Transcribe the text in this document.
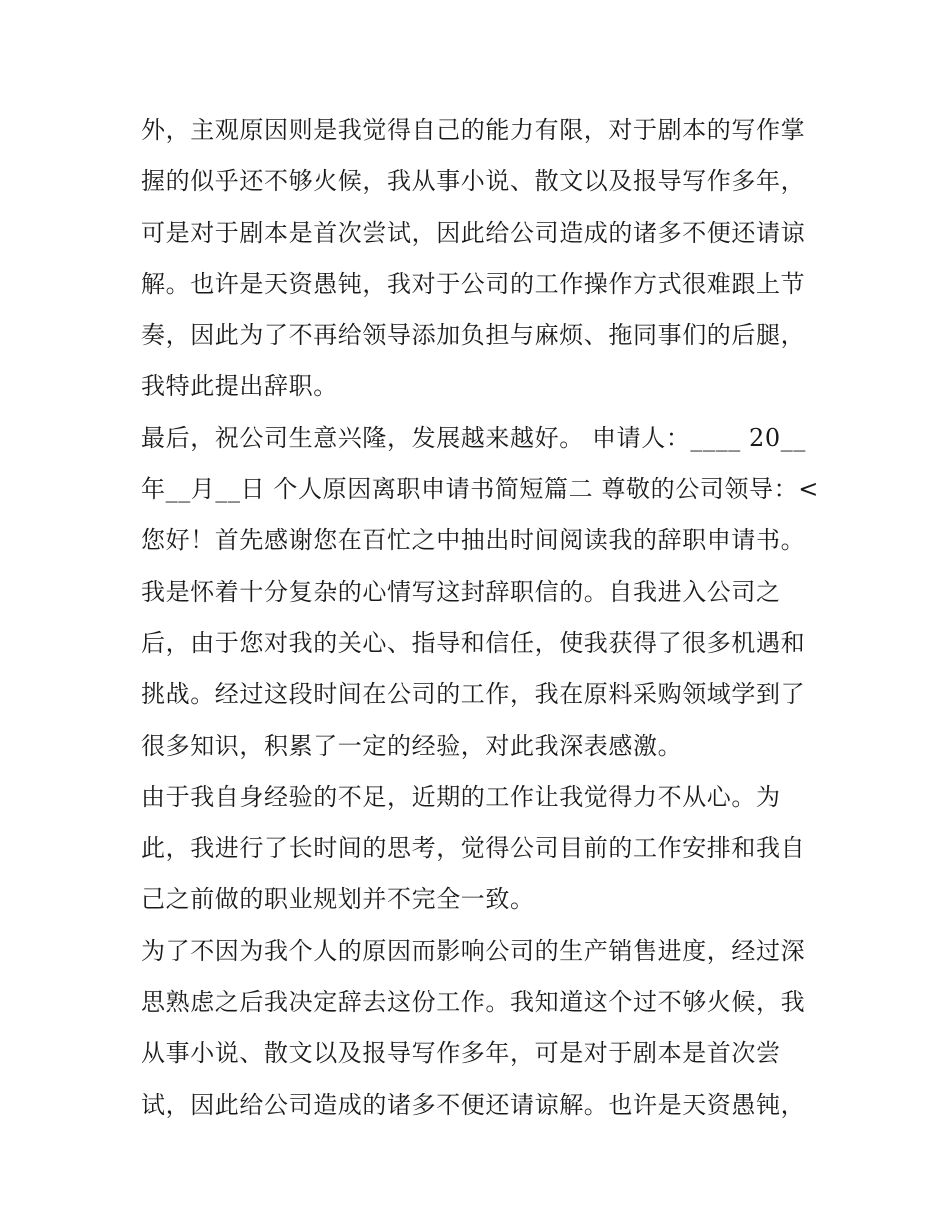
外，主观原因则是我觉得自己的能力有限，对于剧本的写作掌
握的似乎还不够火候，我从事小说、散文以及报导写作多年，
可是对于剧本是首次尝试，因此给公司造成的诸多不便还请谅
解。也许是天资愚钝，我对于公司的工作操作方式很难跟上节
奏，因此为了不再给领导添加负担与麻烦、拖同事们的后腿，
我特此提出辞职。
最后，祝公司生意兴隆，发展越来越好。 申请人：____ 20__
年__月__日 个人原因离职申请书简短篇二 尊敬的公司领导：<
您好！首先感谢您在百忙之中抽出时间阅读我的辞职申请书。
我是怀着十分复杂的心情写这封辞职信的。自我进入公司之
后，由于您对我的关心、指导和信任，使我获得了很多机遇和
挑战。经过这段时间在公司的工作，我在原料采购领域学到了
很多知识，积累了一定的经验，对此我深表感激。
由于我自身经验的不足，近期的工作让我觉得力不从心。为
此，我进行了长时间的思考，觉得公司目前的工作安排和我自
己之前做的职业规划并不完全一致。
为了不因为我个人的原因而影响公司的生产销售进度，经过深
思熟虑之后我决定辞去这份工作。我知道这个过不够火候，我
从事小说、散文以及报导写作多年，可是对于剧本是首次尝
试，因此给公司造成的诸多不便还请谅解。也许是天资愚钝，
